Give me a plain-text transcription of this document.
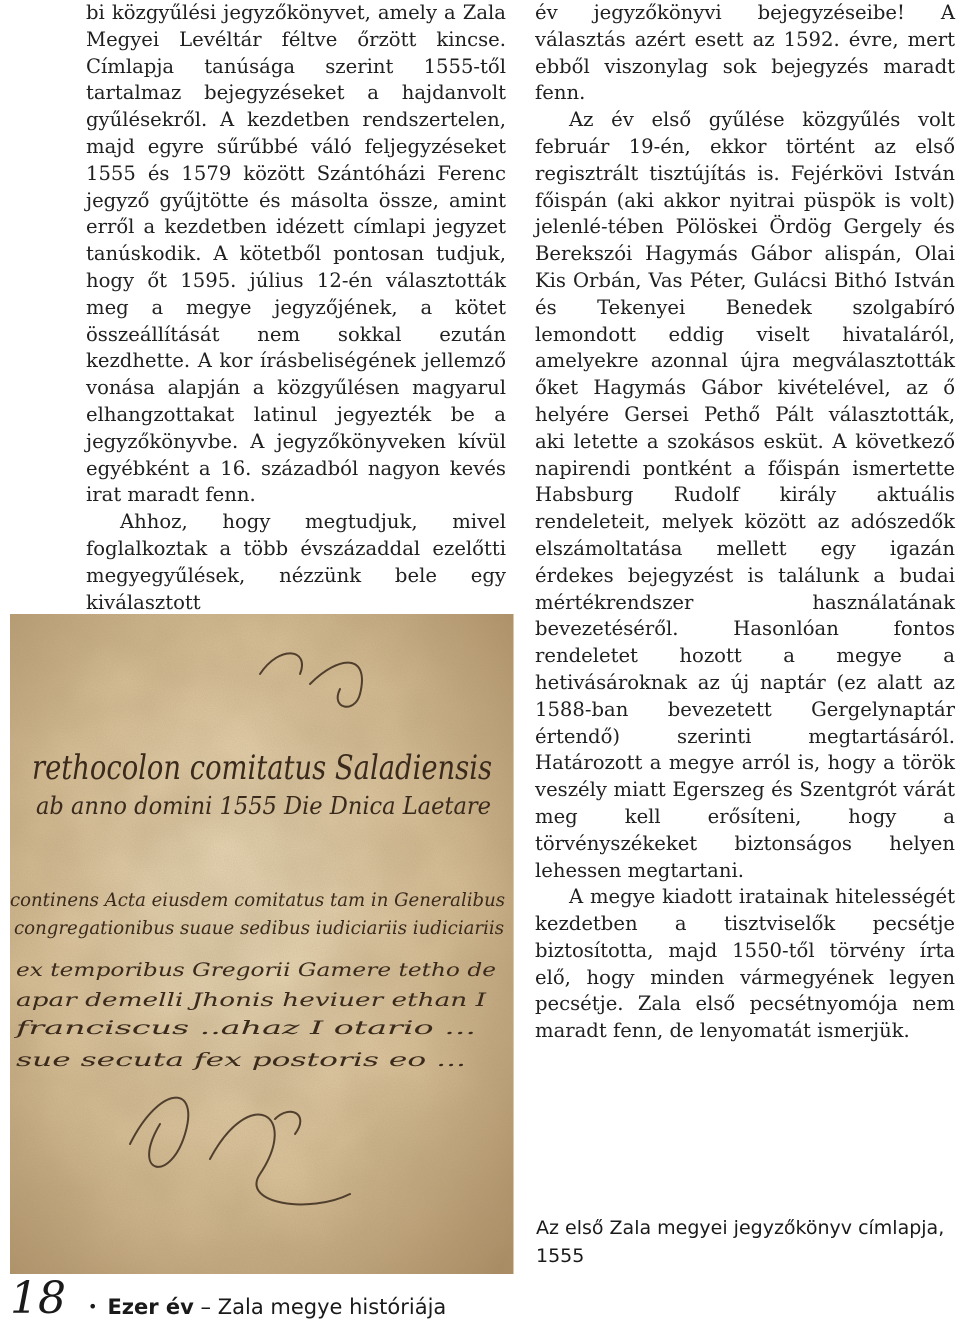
bi közgyűlési jegyzőkönyvet, amely a Zala Megyei Levéltár féltve őrzött kincse. Címlapja tanúsága szerint 1555-től tartalmaz bejegyzéseket a hajdanvolt gyűlésekről. A kezdetben rendszertelen, majd egyre sűrűbbé váló feljegyzéseket 1555 és 1579 között Szántóházi Ferenc jegyző gyűjtötte és másolta össze, amint erről a kezdetben idézett címlapi jegyzet tanúskodik. A kötetből pontosan tudjuk, hogy őt 1595. július 12-én választották meg a megye jegyzőjének, a kötet összeállítását nem sokkal ezután kezdhette. A kor írásbeliségének jellemző vonása alapján a közgyűlésen magyarul elhangzottakat latinul jegyezték be a jegyzőkönyvbe. A jegyzőkönyveken kívül egyébként a 16. századból nagyon kevés irat maradt fenn.

Ahhoz, hogy megtudjuk, mivel foglalkoztak a több évszázaddal ezelőtti megyegyűlések, nézzünk bele egy kiválasztott

év jegyzőkönyvi bejegyzéseibe! A választás azért esett az 1592. évre, mert ebből viszonylag sok bejegyzés maradt fenn.

Az év első gyűlése közgyűlés volt február 19-én, ekkor történt az első regisztrált tisztújítás is. Fejérkövi István főispán (aki akkor nyitrai püspök is volt) jelenlé-tében Pölöskei Ördög Gergely és Berekszói Hagymás Gábor alispán, Olai Kis Orbán, Vas Péter, Gulácsi Bithó István és Tekenyei Benedek szolgabíró lemondott eddig viselt hivataláról, amelyekre azonnal újra megválasztották őket Hagymás Gábor kivételével, az ő helyére Gersei Pethő Pált választották, aki letette a szokásos esküt. A következő napirendi pontként a főispán ismertette Habsburg Rudolf király aktuális rendeleteit, melyek között az adószedők elszámoltatása mellett egy igazán érdekes bejegyzést is találunk a budai mértékrendszer használatának bevezetéséről. Hasonlóan fontos rendeletet hozott a megye a hetivásároknak az új naptár (ez alatt az 1588-ban bevezetett Gergelynaptár értendő) szerinti megtartásáról. Határozott a megye arról is, hogy a török veszély miatt Egerszeg és Szentgrót várát meg kell erősíteni, hogy a törvényszékeket biztonságos helyen lehessen megtartani.

A megye kiadott iratainak hitelességét kezdetben a tisztviselők pecsétje biztosította, majd 1550-től törvény írta elő, hogy minden vármegyének legyen pecsétje. Zala első pecsétnyomója nem maradt fenn, de lenyomatát ismerjük.

rethocolon comitatus Saladiensis
ab anno domini 1555 Die Dnica Laetare
continens Acta eiusdem comitatus tam in Generalibus
congregationibus suaue sedibus iudiciariis iudiciariis
ex temporibus Gregorii Gamere tetho de
apar demelli Jhonis heviuer ethan I
franciscus ..ahaz I otario ...
sue secuta fex postoris eo ...
Az első Zala megyei jegyzőkönyv címlapja, 1555
18 • Ezer év – Zala megye históriája
